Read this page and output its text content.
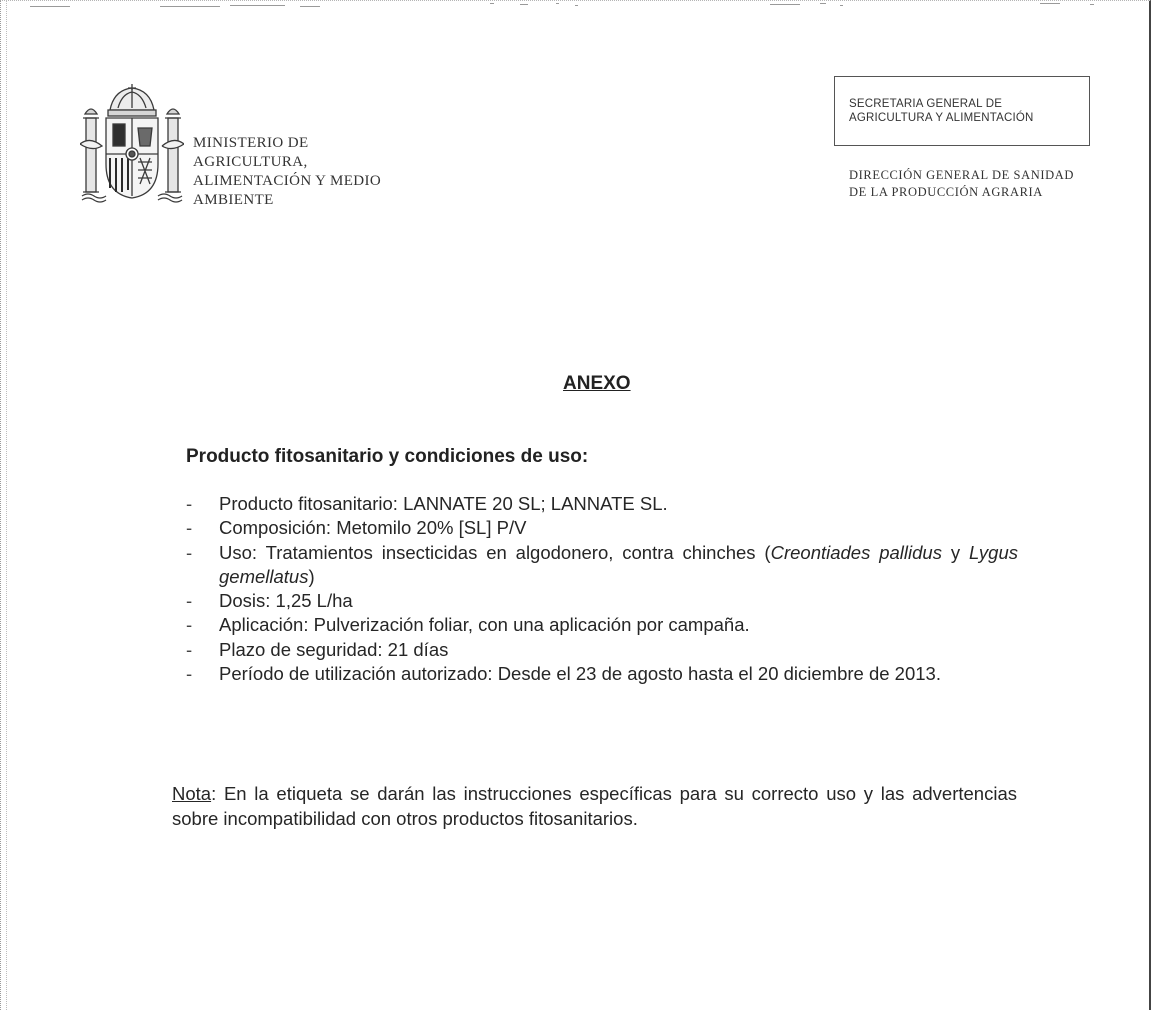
MINISTERIO DE
AGRICULTURA,
ALIMENTACIÓN Y MEDIO
AMBIENTE
SECRETARIA GENERAL DE
AGRICULTURA Y ALIMENTACIÓN
DIRECCIÓN GENERAL DE SANIDAD
DE LA PRODUCCIÓN AGRARIA
ANEXO
Producto fitosanitario y condiciones de uso:
- Producto fitosanitario: LANNATE 20 SL; LANNATE SL.
- Composición: Metomilo 20% [SL] P/V
- Uso: Tratamientos insecticidas en algodonero, contra chinches (Creontiades pallidus y Lygus gemellatus)
- Dosis: 1,25 L/ha
- Aplicación: Pulverización foliar, con una aplicación por campaña.
- Plazo de seguridad: 21 días
- Período de utilización autorizado: Desde el 23 de agosto hasta el 20 diciembre de 2013.

Nota: En la etiqueta se darán las instrucciones específicas para su correcto uso y las advertencias sobre incompatibilidad con otros productos fitosanitarios.
